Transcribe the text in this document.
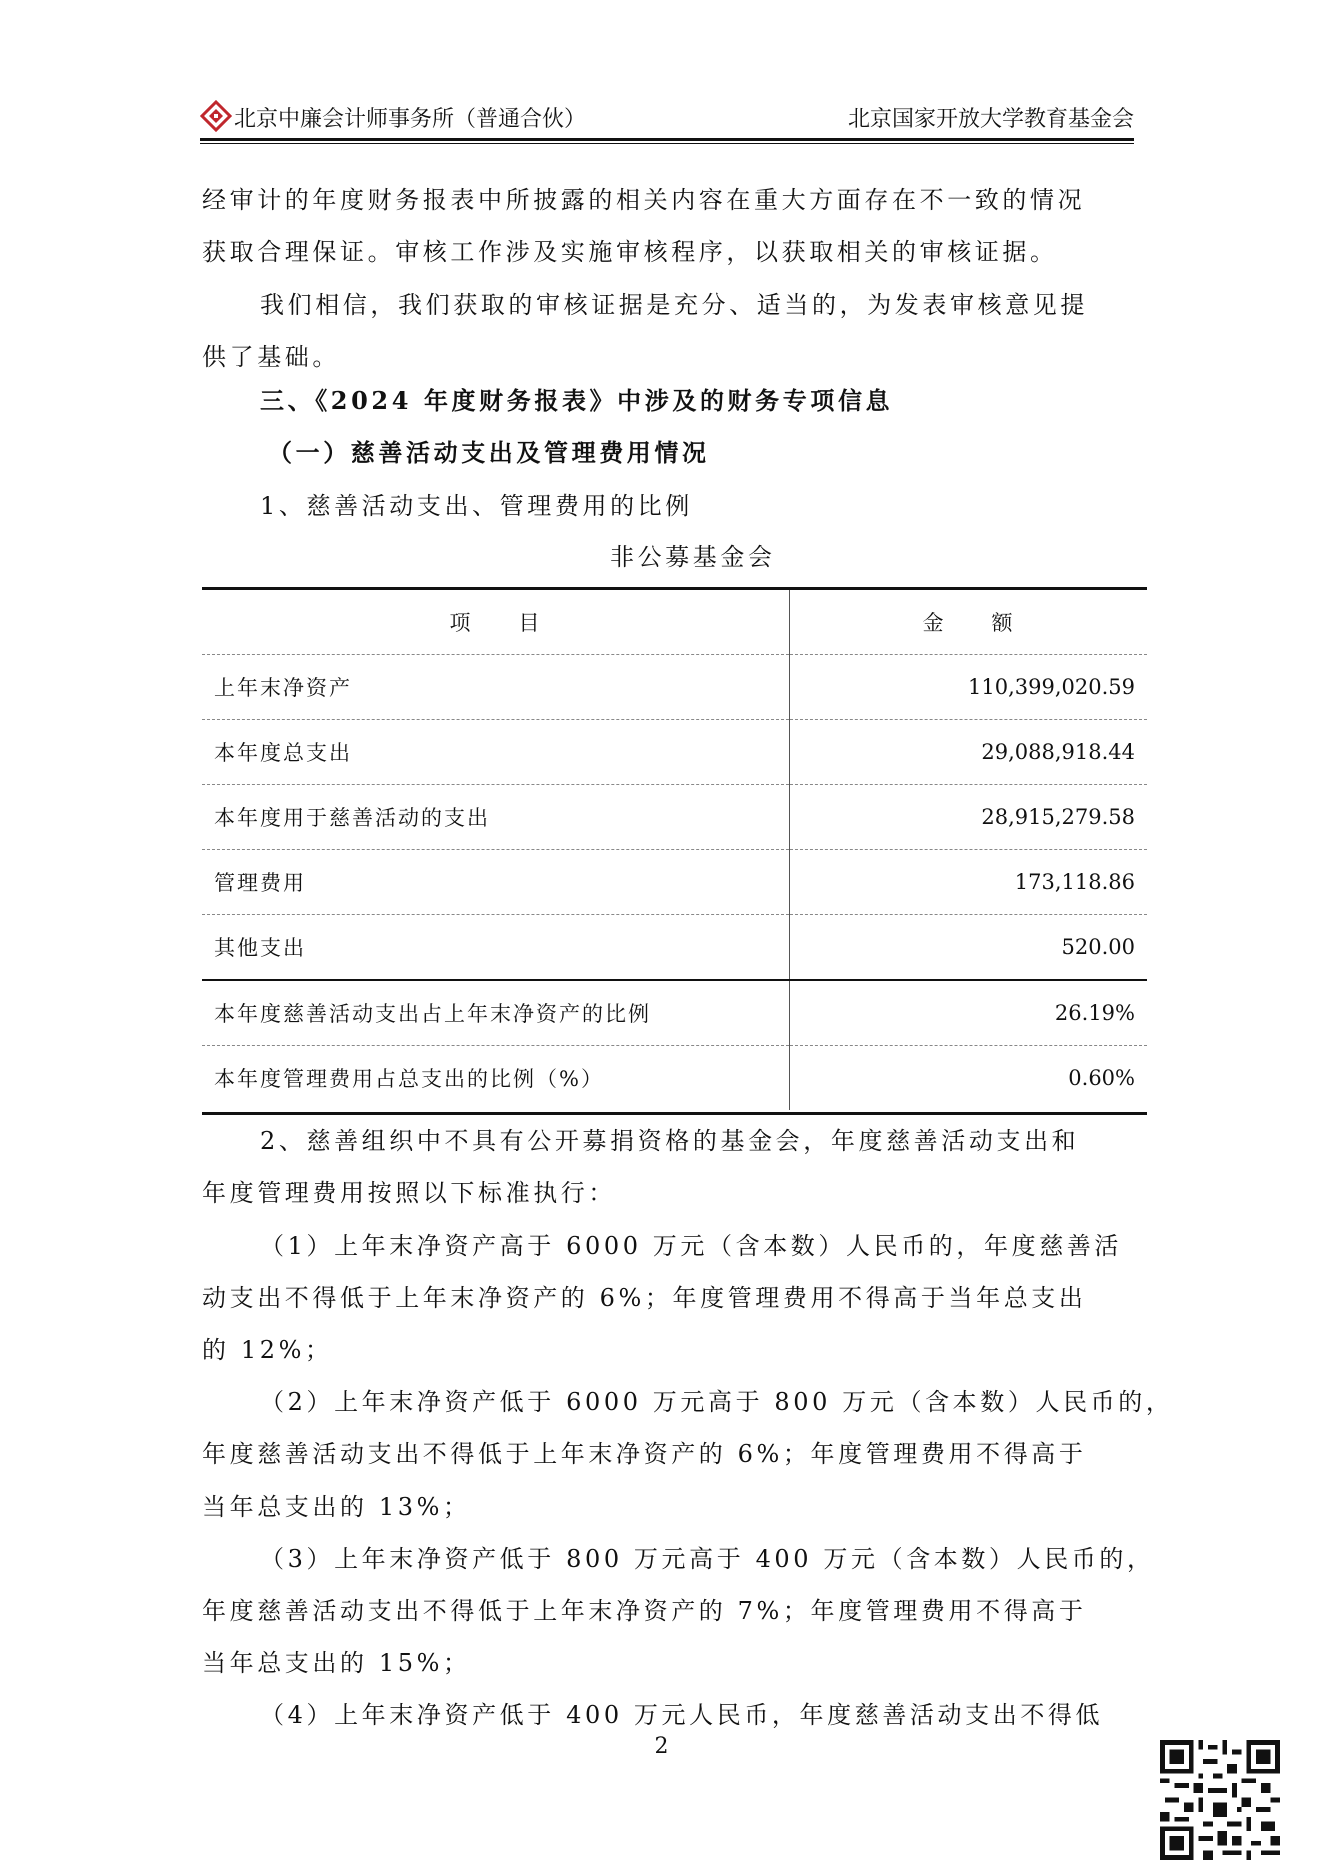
北京中廉会计师事务所（普通合伙）	北京国家开放大学教育基金会
经审计的年度财务报表中所披露的相关内容在重大方面存在不一致的情况
获取合理保证。审核工作涉及实施审核程序，以获取相关的审核证据。
我们相信，我们获取的审核证据是充分、适当的，为发表审核意见提
供了基础。
三、《2024 年度财务报表》中涉及的财务专项信息
（一）慈善活动支出及管理费用情况
1、慈善活动支出、管理费用的比例
非公募基金会
项　　目	金　　额
上年末净资产	110,399,020.59
本年度总支出	29,088,918.44
本年度用于慈善活动的支出	28,915,279.58
管理费用	173,118.86
其他支出	520.00
本年度慈善活动支出占上年末净资产的比例	26.19%
本年度管理费用占总支出的比例（%）	0.60%
2、慈善组织中不具有公开募捐资格的基金会，年度慈善活动支出和
年度管理费用按照以下标准执行：
（1）上年末净资产高于 6000 万元（含本数）人民币的，年度慈善活
动支出不得低于上年末净资产的 6%；年度管理费用不得高于当年总支出
的 12%；
（2）上年末净资产低于 6000 万元高于 800 万元（含本数）人民币的，
年度慈善活动支出不得低于上年末净资产的 6%；年度管理费用不得高于
当年总支出的 13%；
（3）上年末净资产低于 800 万元高于 400 万元（含本数）人民币的，
年度慈善活动支出不得低于上年末净资产的 7%；年度管理费用不得高于
当年总支出的 15%；
（4）上年末净资产低于 400 万元人民币，年度慈善活动支出不得低
2
